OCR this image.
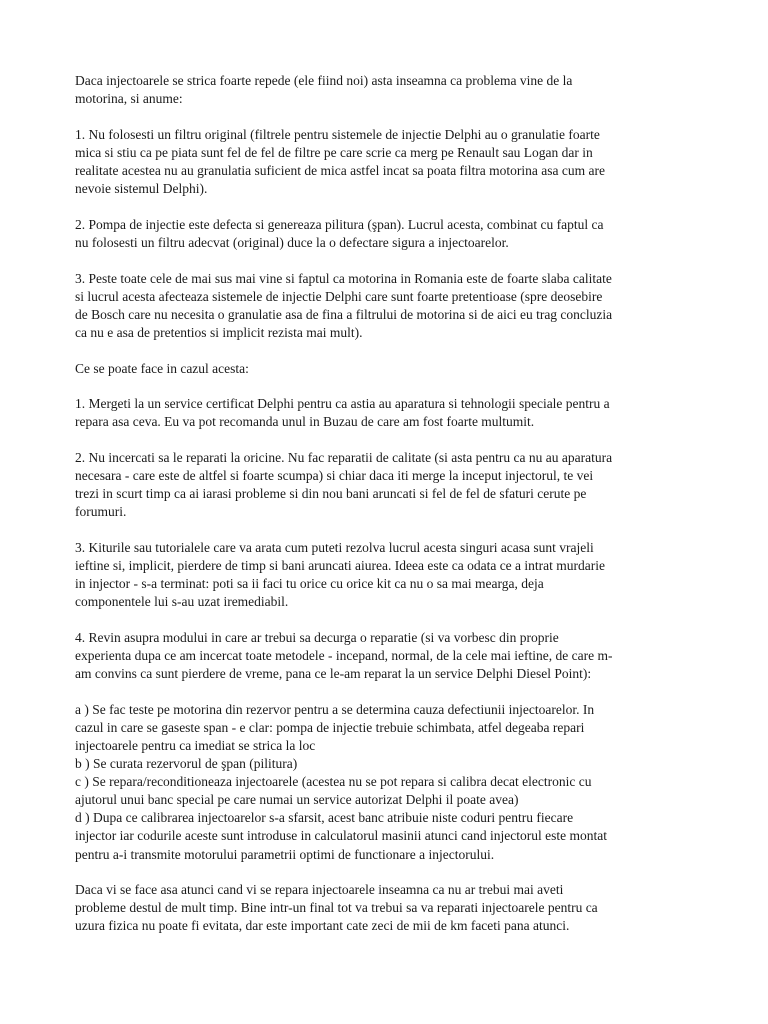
Daca injectoarele se strica foarte repede (ele fiind noi) asta inseamna ca problema vine de la
motorina, si anume:

1. Nu folosesti un filtru original (filtrele pentru sistemele de injectie Delphi au o granulatie foarte
mica si stiu ca pe piata sunt fel de fel de filtre pe care scrie ca merg pe Renault sau Logan dar in
realitate acestea nu au granulatia suficient de mica astfel incat sa poata filtra motorina asa cum are
nevoie sistemul Delphi).

2. Pompa de injectie este defecta si genereaza pilitura (şpan). Lucrul acesta, combinat cu faptul ca
nu folosesti un filtru adecvat (original) duce la o defectare sigura a injectoarelor.

3. Peste toate cele de mai sus mai vine si faptul ca motorina in Romania este de foarte slaba calitate
si lucrul acesta afecteaza sistemele de injectie Delphi care sunt foarte pretentioase (spre deosebire
de Bosch care nu necesita o granulatie asa de fina a filtrului de motorina si de aici eu trag concluzia
ca nu e asa de pretentios si implicit rezista mai mult).

Ce se poate face in cazul acesta:

1. Mergeti la un service certificat Delphi pentru ca astia au aparatura si tehnologii speciale pentru a
repara asa ceva. Eu va pot recomanda unul in Buzau de care am fost foarte multumit.

2. Nu incercati sa le reparati la oricine. Nu fac reparatii de calitate (si asta pentru ca nu au aparatura
necesara - care este de altfel si foarte scumpa) si chiar daca iti merge la inceput injectorul, te vei
trezi in scurt timp ca ai iarasi probleme si din nou bani aruncati si fel de fel de sfaturi cerute pe
forumuri.

3. Kiturile sau tutorialele care va arata cum puteti rezolva lucrul acesta singuri acasa sunt vrajeli
ieftine si, implicit, pierdere de timp si bani aruncati aiurea. Ideea este ca odata ce a intrat murdarie
in injector - s-a terminat: poti sa ii faci tu orice cu orice kit ca nu o sa mai mearga, deja
componentele lui s-au uzat iremediabil.

4. Revin asupra modului in care ar trebui sa decurga o reparatie (si va vorbesc din proprie
experienta dupa ce am incercat toate metodele - incepand, normal, de la cele mai ieftine, de care m-
am convins ca sunt pierdere de vreme, pana ce le-am reparat la un service Delphi Diesel Point):

a ) Se fac teste pe motorina din rezervor pentru a se determina cauza defectiunii injectoarelor. In
cazul in care se gaseste span - e clar: pompa de injectie trebuie schimbata, atfel degeaba repari
injectoarele pentru ca imediat se strica la loc
b ) Se curata rezervorul de şpan (pilitura)
c ) Se repara/reconditioneaza injectoarele (acestea nu se pot repara si calibra decat electronic cu
ajutorul unui banc special pe care numai un service autorizat Delphi il poate avea)
d ) Dupa ce calibrarea injectoarelor s-a sfarsit, acest banc atribuie niste coduri pentru fiecare
injector iar codurile aceste sunt introduse in calculatorul masinii atunci cand injectorul este montat
pentru a-i transmite motorului parametrii optimi de functionare a injectorului.

Daca vi se face asa atunci cand vi se repara injectoarele inseamna ca nu ar trebui mai aveti
probleme destul de mult timp. Bine intr-un final tot va trebui sa va reparati injectoarele pentru ca
uzura fizica nu poate fi evitata, dar este important cate zeci de mii de km faceti pana atunci.
